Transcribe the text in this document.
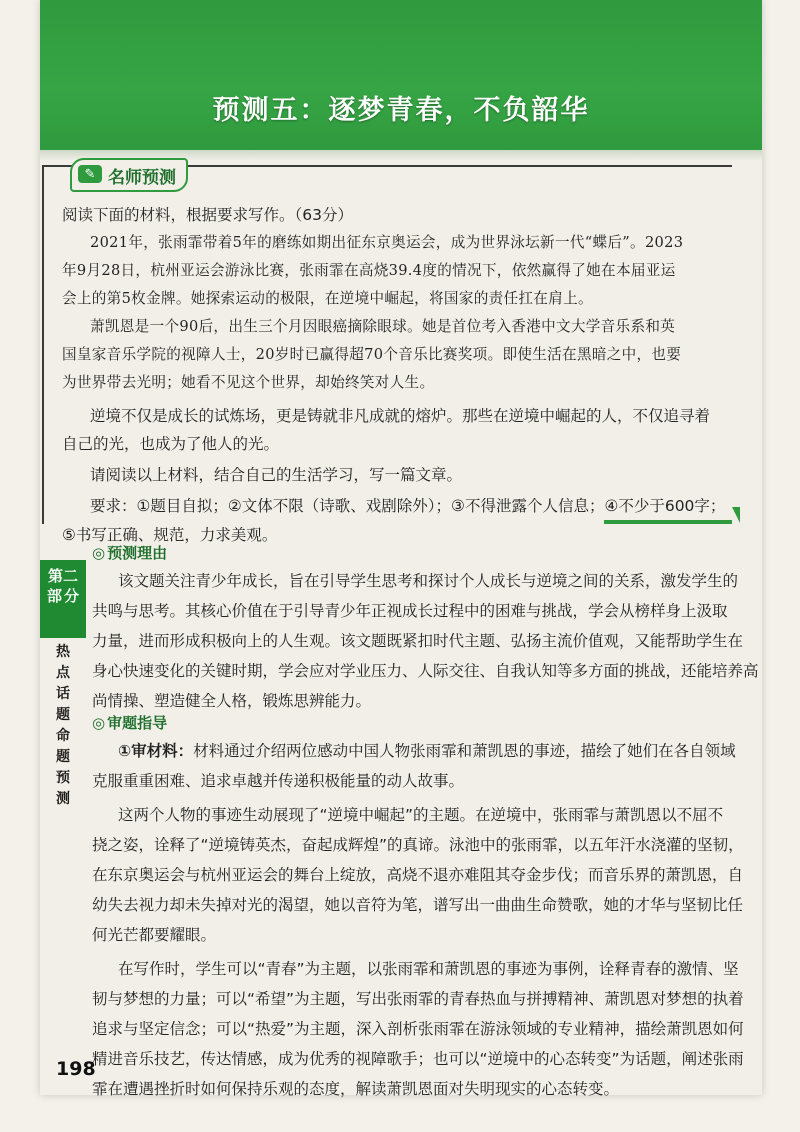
预测五：逐梦青春，不负韶华
✎ 名师预测
阅读下面的材料，根据要求写作。（63分）
2021年，张雨霏带着5年的磨练如期出征东京奥运会，成为世界泳坛新一代“蝶后”。2023
年9月28日，杭州亚运会游泳比赛，张雨霏在高烧39.4度的情况下，依然赢得了她在本届亚运
会上的第5枚金牌。她探索运动的极限，在逆境中崛起，将国家的责任扛在肩上。
萧凯恩是一个90后，出生三个月因眼癌摘除眼球。她是首位考入香港中文大学音乐系和英
国皇家音乐学院的视障人士，20岁时已赢得超70个音乐比赛奖项。即使生活在黑暗之中，也要
为世界带去光明；她看不见这个世界，却始终笑对人生。
逆境不仅是成长的试炼场，更是铸就非凡成就的熔炉。那些在逆境中崛起的人，不仅追寻着
自己的光，也成为了他人的光。
请阅读以上材料，结合自己的生活学习，写一篇文章。
要求：①题目自拟；②文体不限（诗歌、戏剧除外）；③不得泄露个人信息；④不少于600字；
⑤书写正确、规范，力求美观。
◎ 预测理由
该文题关注青少年成长，旨在引导学生思考和探讨个人成长与逆境之间的关系，激发学生的
共鸣与思考。其核心价值在于引导青少年正视成长过程中的困难与挑战，学会从榜样身上汲取
力量，进而形成积极向上的人生观。该文题既紧扣时代主题、弘扬主流价值观，又能帮助学生在
身心快速变化的关键时期，学会应对学业压力、人际交往、自我认知等多方面的挑战，还能培养高
尚情操、塑造健全人格，锻炼思辨能力。
◎ 审题指导
①审材料：材料通过介绍两位感动中国人物张雨霏和萧凯恩的事迹，描绘了她们在各自领域
克服重重困难、追求卓越并传递积极能量的动人故事。
这两个人物的事迹生动展现了“逆境中崛起”的主题。在逆境中，张雨霏与萧凯恩以不屈不
挠之姿，诠释了“逆境铸英杰，奋起成辉煌”的真谛。泳池中的张雨霏，以五年汗水浇灌的坚韧，
在东京奥运会与杭州亚运会的舞台上绽放，高烧不退亦难阻其夺金步伐；而音乐界的萧凯恩，自
幼失去视力却未失掉对光的渴望，她以音符为笔，谱写出一曲曲生命赞歌，她的才华与坚韧比任
何光芒都要耀眼。
在写作时，学生可以“青春”为主题，以张雨霏和萧凯恩的事迹为事例，诠释青春的激情、坚
韧与梦想的力量；可以“希望”为主题，写出张雨霏的青春热血与拼搏精神、萧凯恩对梦想的执着
追求与坚定信念；可以“热爱”为主题，深入剖析张雨霏在游泳领域的专业精神，描绘萧凯恩如何
精进音乐技艺，传达情感，成为优秀的视障歌手；也可以“逆境中的心态转变”为话题，阐述张雨
霏在遭遇挫折时如何保持乐观的态度，解读萧凯恩面对失明现实的心态转变。
第二
部 分
热
点
话
题
命
题
预
测
198
